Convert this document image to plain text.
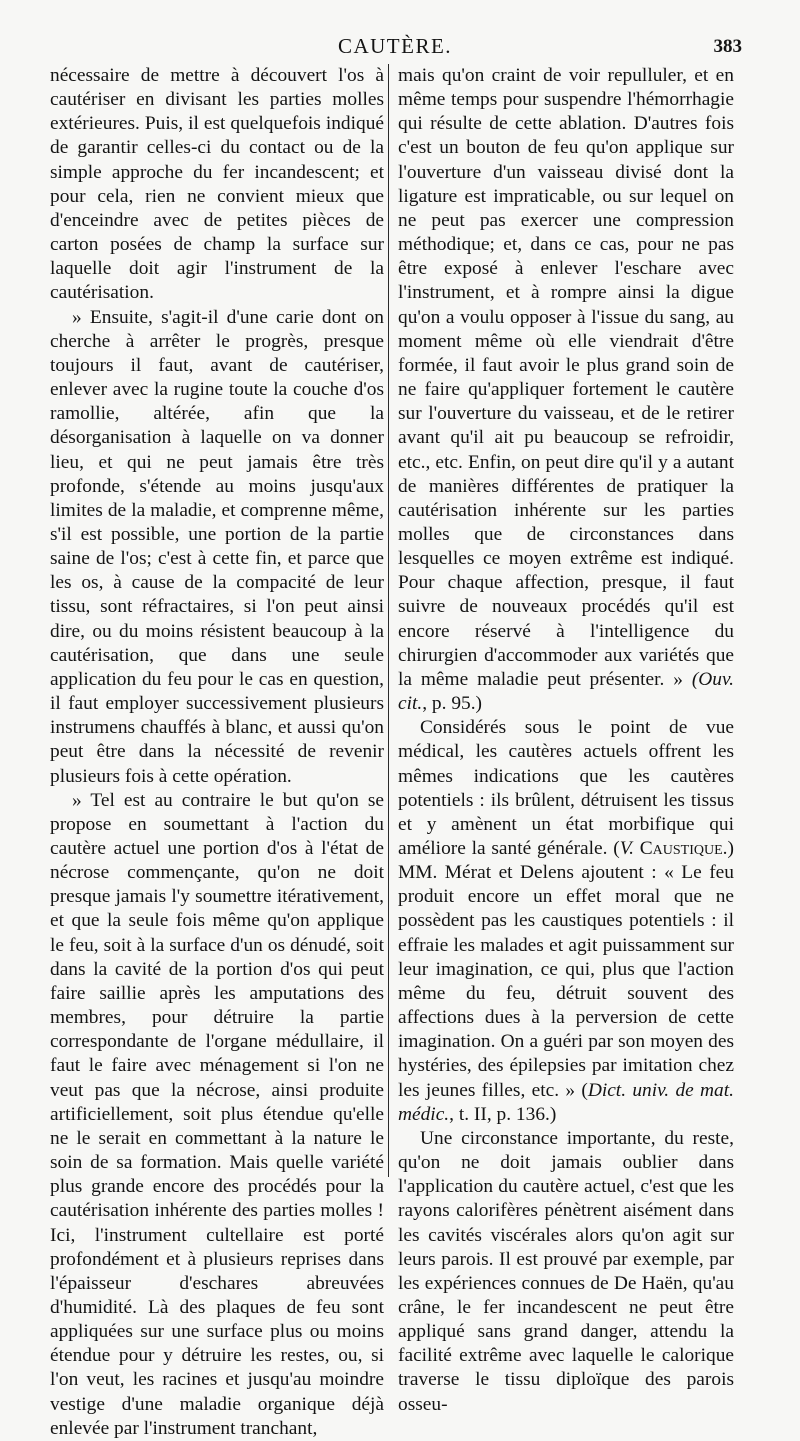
CAUTÈRE.	383

nécessaire de mettre à découvert l'os à cautériser en divisant les parties molles extérieures. Puis, il est quelquefois indiqué de garantir celles-ci du contact ou de la simple approche du fer incandescent; et pour cela, rien ne convient mieux que d'enceindre avec de petites pièces de carton posées de champ la surface sur laquelle doit agir l'instrument de la cautérisation.

» Ensuite, s'agit-il d'une carie dont on cherche à arrêter le progrès, presque toujours il faut, avant de cautériser, enlever avec la rugine toute la couche d'os ramollie, altérée, afin que la désorganisation à laquelle on va donner lieu, et qui ne peut jamais être très profonde, s'étende au moins jusqu'aux limites de la maladie, et comprenne même, s'il est possible, une portion de la partie saine de l'os; c'est à cette fin, et parce que les os, à cause de la compacité de leur tissu, sont réfractaires, si l'on peut ainsi dire, ou du moins résistent beaucoup à la cautérisation, que dans une seule application du feu pour le cas en question, il faut employer successivement plusieurs instrumens chauffés à blanc, et aussi qu'on peut être dans la nécessité de revenir plusieurs fois à cette opération.

» Tel est au contraire le but qu'on se propose en soumettant à l'action du cautère actuel une portion d'os à l'état de nécrose commençante, qu'on ne doit presque jamais l'y soumettre itérativement, et que la seule fois même qu'on applique le feu, soit à la surface d'un os dénudé, soit dans la cavité de la portion d'os qui peut faire saillie après les amputations des membres, pour détruire la partie correspondante de l'organe médullaire, il faut le faire avec ménagement si l'on ne veut pas que la nécrose, ainsi produite artificiellement, soit plus étendue qu'elle ne le serait en commettant à la nature le soin de sa formation. Mais quelle variété plus grande encore des procédés pour la cautérisation inhérente des parties molles ! Ici, l'instrument cultellaire est porté profondément et à plusieurs reprises dans l'épaisseur d'eschares abreuvées d'humidité. Là des plaques de feu sont appliquées sur une surface plus ou moins étendue pour y détruire les restes, ou, si l'on veut, les racines et jusqu'au moindre vestige d'une maladie organique déjà enlevée par l'instrument tranchant,

mais qu'on craint de voir repulluler, et en même temps pour suspendre l'hémorrhagie qui résulte de cette ablation. D'autres fois c'est un bouton de feu qu'on applique sur l'ouverture d'un vaisseau divisé dont la ligature est impraticable, ou sur lequel on ne peut pas exercer une compression méthodique; et, dans ce cas, pour ne pas être exposé à enlever l'eschare avec l'instrument, et à rompre ainsi la digue qu'on a voulu opposer à l'issue du sang, au moment même où elle viendrait d'être formée, il faut avoir le plus grand soin de ne faire qu'appliquer fortement le cautère sur l'ouverture du vaisseau, et de le retirer avant qu'il ait pu beaucoup se refroidir, etc., etc. Enfin, on peut dire qu'il y a autant de manières différentes de pratiquer la cautérisation inhérente sur les parties molles que de circonstances dans lesquelles ce moyen extrême est indiqué. Pour chaque affection, presque, il faut suivre de nouveaux procédés qu'il est encore réservé à l'intelligence du chirurgien d'accommoder aux variétés que la même maladie peut présenter. » (Ouv. cit., p. 95.)

Considérés sous le point de vue médical, les cautères actuels offrent les mêmes indications que les cautères potentiels : ils brûlent, détruisent les tissus et y amènent un état morbifique qui améliore la santé générale. (V. Caustique.) MM. Mérat et Delens ajoutent : « Le feu produit encore un effet moral que ne possèdent pas les caustiques potentiels : il effraie les malades et agit puissamment sur leur imagination, ce qui, plus que l'action même du feu, détruit souvent des affections dues à la perversion de cette imagination. On a guéri par son moyen des hystéries, des épilepsies par imitation chez les jeunes filles, etc. » (Dict. univ. de mat. médic., t. II, p. 136.)

Une circonstance importante, du reste, qu'on ne doit jamais oublier dans l'application du cautère actuel, c'est que les rayons calorifères pénètrent aisément dans les cavités viscérales alors qu'on agit sur leurs parois. Il est prouvé par exemple, par les expériences connues de De Haën, qu'au crâne, le fer incandescent ne peut être appliqué sans grand danger, attendu la facilité extrême avec laquelle le calorique traverse le tissu diploïque des parois osseu-
